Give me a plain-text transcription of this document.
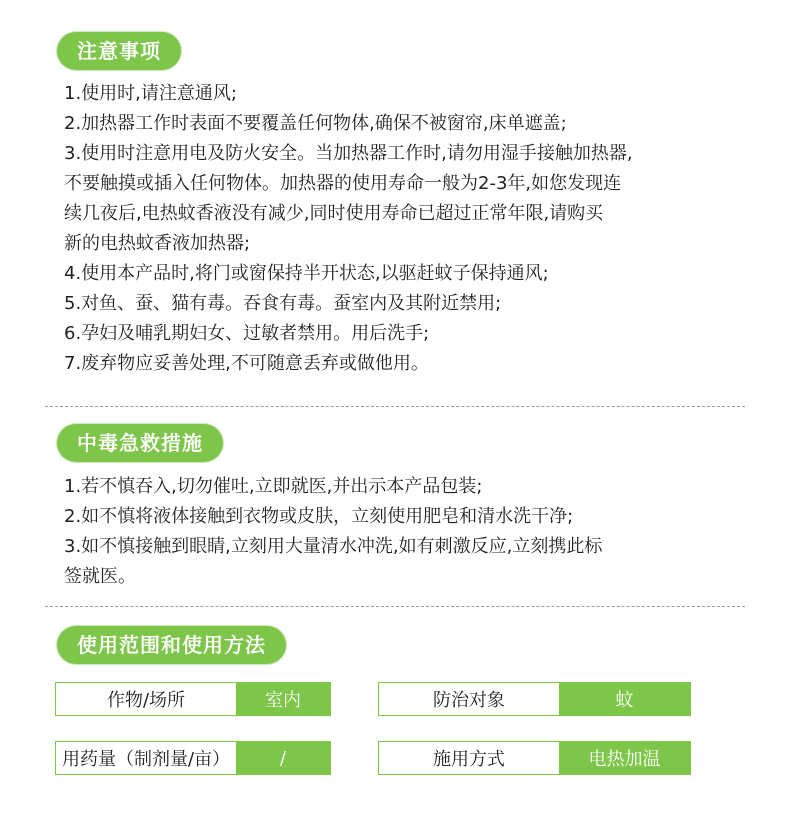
注意事项
1.使用时,请注意通风;
2.加热器工作时表面不要覆盖任何物体,确保不被窗帘,床单遮盖;
3.使用时注意用电及防火安全。当加热器工作时,请勿用湿手接触加热器,
不要触摸或插入任何物体。加热器的使用寿命一般为2-3年,如您发现连
续几夜后,电热蚊香液没有减少,同时使用寿命已超过正常年限,请购买
新的电热蚊香液加热器;
4.使用本产品时,将门或窗保持半开状态,以驱赶蚊子保持通风;
5.对鱼、蚕、猫有毒。吞食有毒。蚕室内及其附近禁用;
6.孕妇及哺乳期妇女、过敏者禁用。用后洗手;
7.废弃物应妥善处理,不可随意丢弃或做他用。
中毒急救措施
1.若不慎吞入,切勿催吐,立即就医,并出示本产品包装;
2.如不慎将液体接触到衣物或皮肤，立刻使用肥皂和清水洗干净;
3.如不慎接触到眼睛,立刻用大量清水冲洗,如有刺激反应,立刻携此标
签就医。
使用范围和使用方法
作物/场所	室内	防治对象	蚊
用药量（制剂量/亩）	/	施用方式	电热加温
